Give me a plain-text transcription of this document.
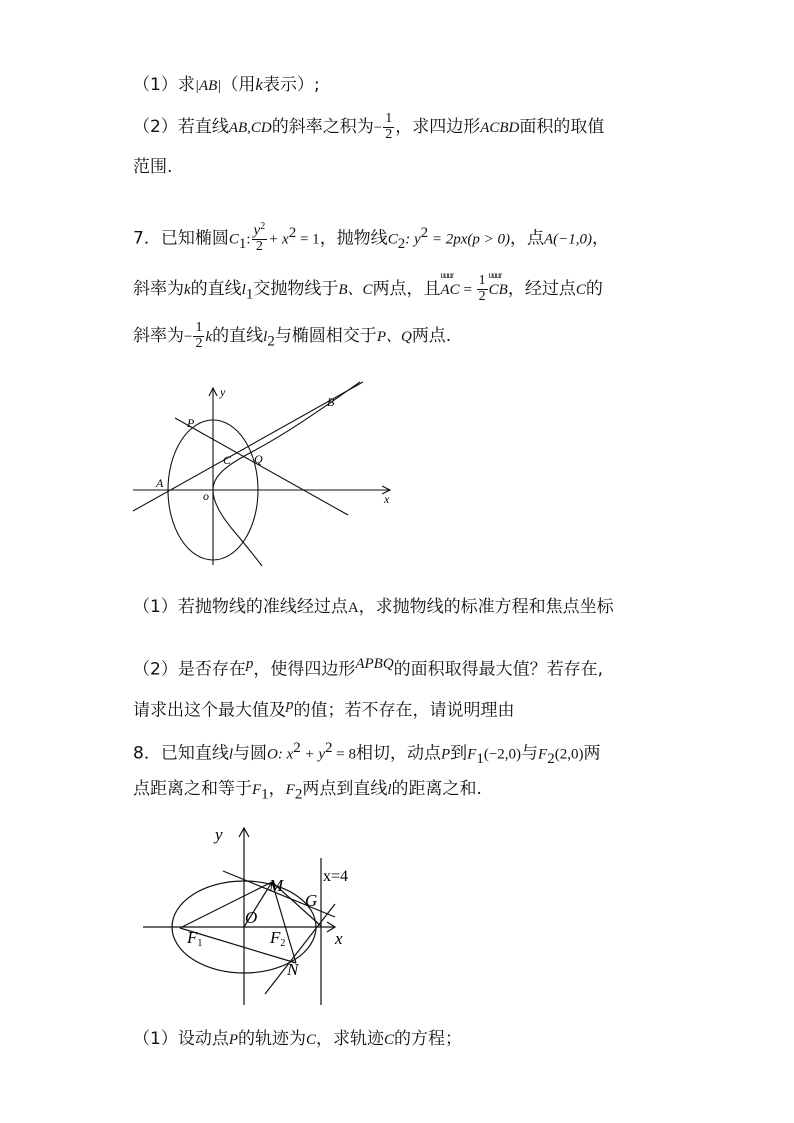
（1）求|AB|（用k表示）;
（2）若直线AB,CD的斜率之积为− $\frac{1}{2}$ ，求四边形ACBD面积的取值
范围.
7．已知椭圆$C_1$: $\frac{y^2}{2} + x^2 = 1$，抛物线$C_2$: $y^2 = 2px(p > 0)$，点A(−1,0)，
斜率为k的直线$l_1$交抛物线于B、C两点，且
uuur
AC = $\frac{1}{2}$ uuur
CB，经过点C的
斜率为− $\frac{1}{2}$ k的直线$l_2$与椭圆相交于P、Q两点.
y
x
B
P
C Q
A
o
（1）若抛物线的准线经过点A，求抛物线的标准方程和焦点坐标
（2）是否存在$^p$，使得四边形$^{APBQ}$的面积取得最大值？若存在,
请求出这个最大值及$^p$的值；若不存在，请说明理由
8．已知直线l与圆O: $x^2 + y^2 = 8$相切，动点P到$F_1(-2,0)$与$F_2(2,0)$两
点距离之和等于$F_1$，$F_2$两点到直线l的距离之和.
y
x
x=4
M
O
G
F1	F2
N
（1）设动点P的轨迹为C，求轨迹C的方程；
